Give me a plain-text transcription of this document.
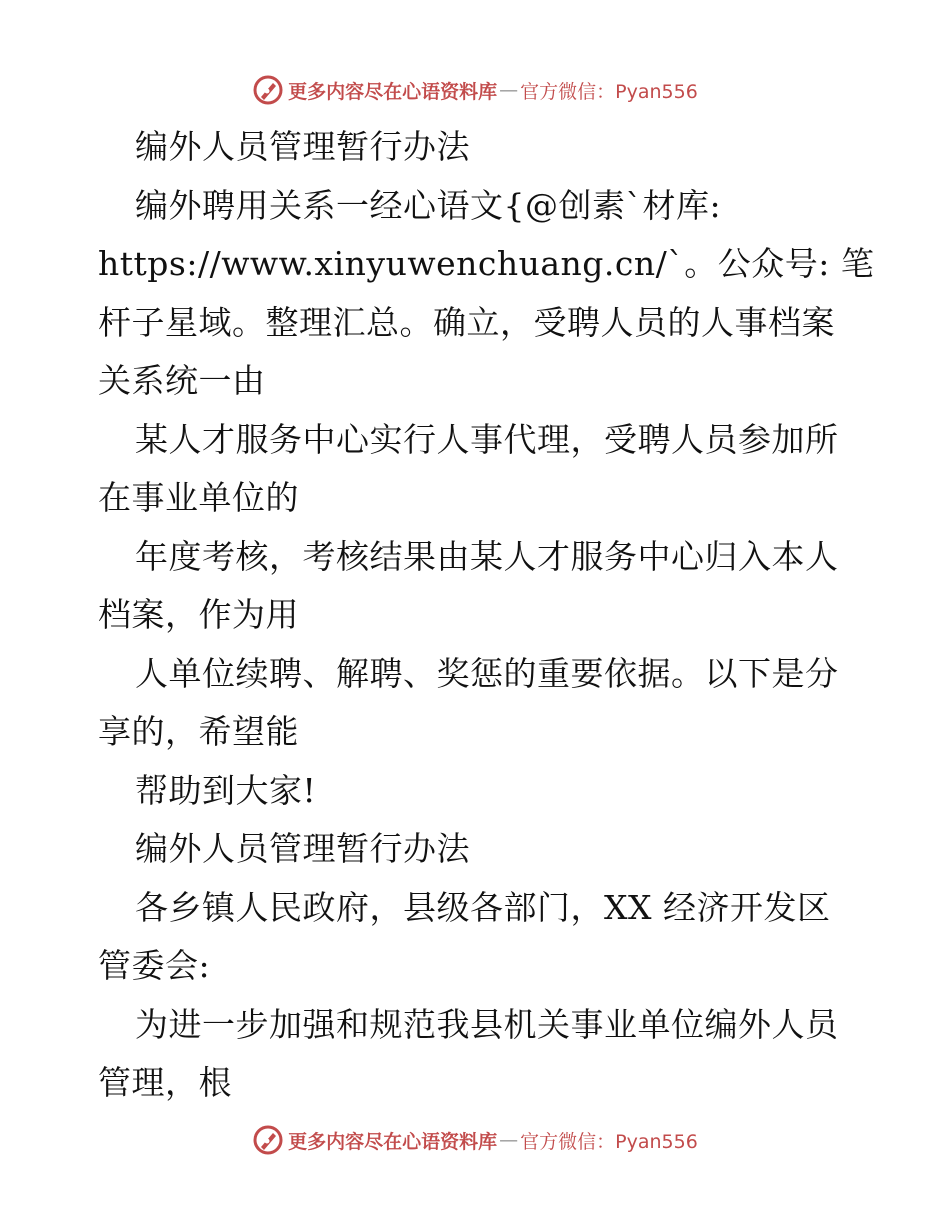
更多内容尽在心语资料库 — 官方微信：Pyan556
编外人员管理暂行办法
编外聘用关系一经心语文{@创素`材库:
https://www.xinyuwenchuang.cn/`。公众号: 笔
杆子星域。整理汇总。确立，受聘人员的人事档案
关系统一由
某人才服务中心实行人事代理，受聘人员参加所
在事业单位的
年度考核，考核结果由某人才服务中心归入本人
档案，作为用
人单位续聘、解聘、奖惩的重要依据。以下是分
享的，希望能
帮助到大家!
编外人员管理暂行办法
各乡镇人民政府，县级各部门，XX 经济开发区
管委会:
为进一步加强和规范我县机关事业单位编外人员
管理，根
更多内容尽在心语资料库 — 官方微信：Pyan556
